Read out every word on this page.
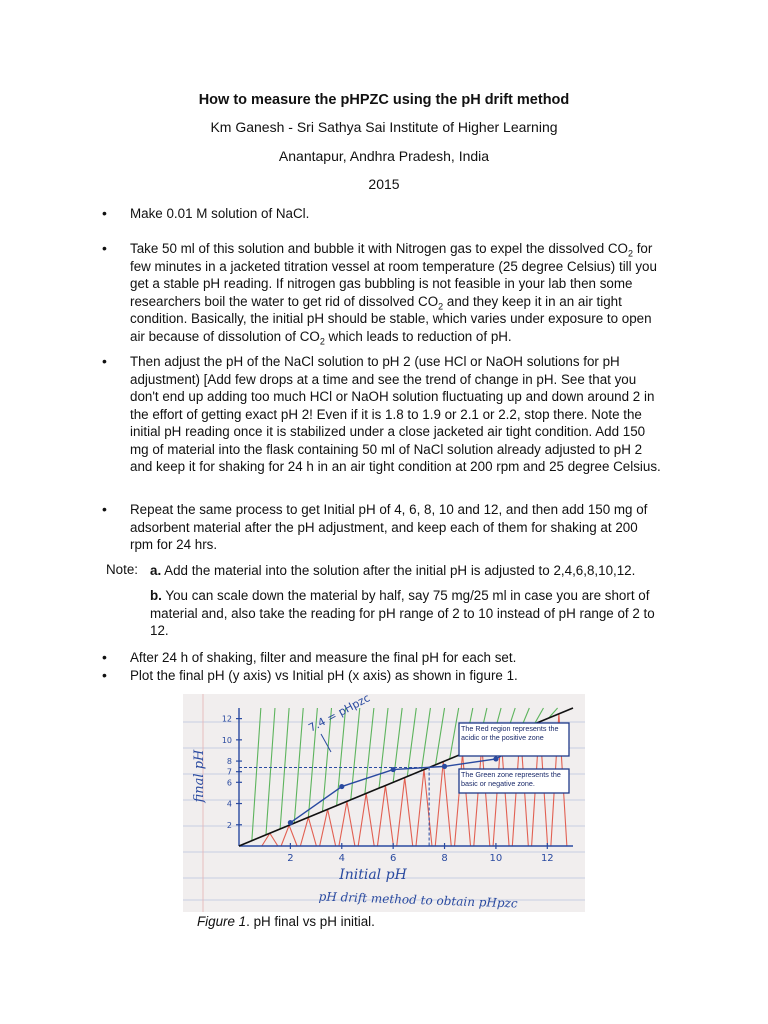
How to measure the pHPZC using the pH drift method
Km Ganesh - Sri Sathya Sai Institute of Higher Learning
Anantapur, Andhra Pradesh, India
2015
• Make 0.01 M solution of NaCl.
• Take 50 ml of this solution and bubble it with Nitrogen gas to expel the dissolved $CO_2$ for few minutes in a jacketed titration vessel at room temperature (25 degree Celsius) till you get a stable pH reading. If nitrogen gas bubbling is not feasible in your lab then some researchers boil the water to get rid of dissolved $CO_2$ and they keep it in an air tight condition. Basically, the initial pH should be stable, which varies under exposure to open air because of dissolution of $CO_2$ which leads to reduction of pH.
• Then adjust the pH of the NaCl solution to pH 2 (use HCl or NaOH solutions for pH adjustment) [Add few drops at a time and see the trend of change in pH. See that you don't end up adding too much HCl or NaOH solution fluctuating up and down around 2 in the effort of getting exact pH 2! Even if it is 1.8 to 1.9 or 2.1 or 2.2, stop there. Note the initial pH reading once it is stabilized under a close jacketed air tight condition. Add 150 mg of material into the flask containing 50 ml of NaCl solution already adjusted to pH 2 and keep it for shaking for 24 h in an air tight condition at 200 rpm and 25 degree Celsius.
• Repeat the same process to get Initial pH of 4, 6, 8, 10 and 12, and then add 150 mg of adsorbent material after the pH adjustment, and keep each of them for shaking at 200 rpm for 24 hrs.
Note: a. Add the material into the solution after the initial pH is adjusted to 2,4,6,8,10,12.
b. You can scale down the material by half, say 75 mg/25 ml in case you are short of material and, also take the reading for pH range of 2 to 10 instead of pH range of 2 to 12.
• After 24 h of shaking, filter and measure the final pH for each set.
• Plot the final pH (y axis) vs Initial pH (x axis) as shown in figure 1.
2	4	6	8	10	12
2
4
6
7
8
10
12	7.4 = pHpzc
final pH
Initial pH
pH drift method to obtain pHpzc
The Red region represents the acidic or the positive zone
The Green zone represents the basic or negative zone.
Figure 1. pH final vs pH initial.
